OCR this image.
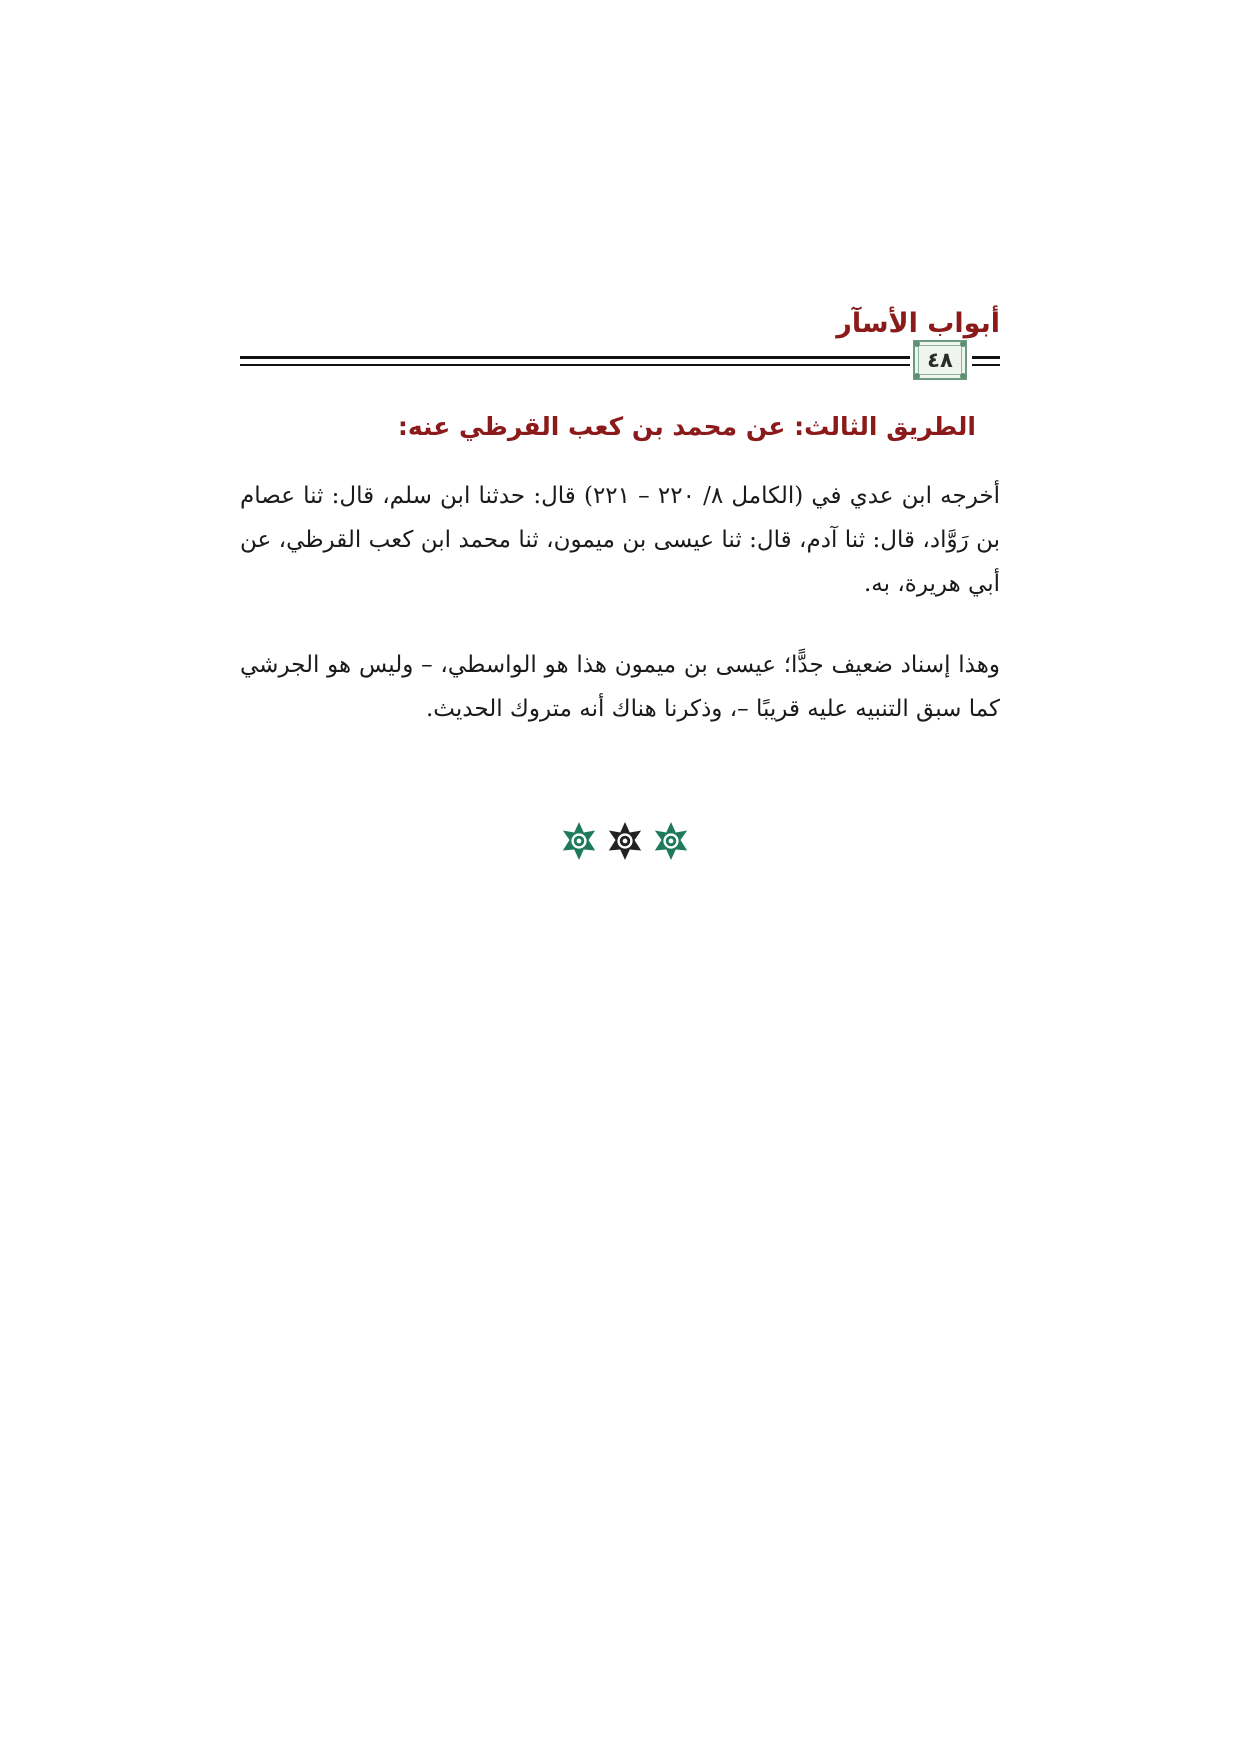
أبواب الأسآر
٤٨
الطريق الثالث: عن محمد بن كعب القرظي عنه:

أخرجه ابن عدي في (الكامل ٨/ ٢٢٠ – ٢٢١) قال: حدثنا ابن سلم، قال: ثنا عصام بن رَوَّاد، قال: ثنا آدم، قال: ثنا عيسى بن ميمون، ثنا محمد ابن كعب القرظي، عن أبي هريرة، به.

وهذا إسناد ضعيف جدًّا؛ عيسى بن ميمون هذا هو الواسطي، – وليس هو الجرشي كما سبق التنبيه عليه قريبًا –، وذكرنا هناك أنه متروك الحديث.
